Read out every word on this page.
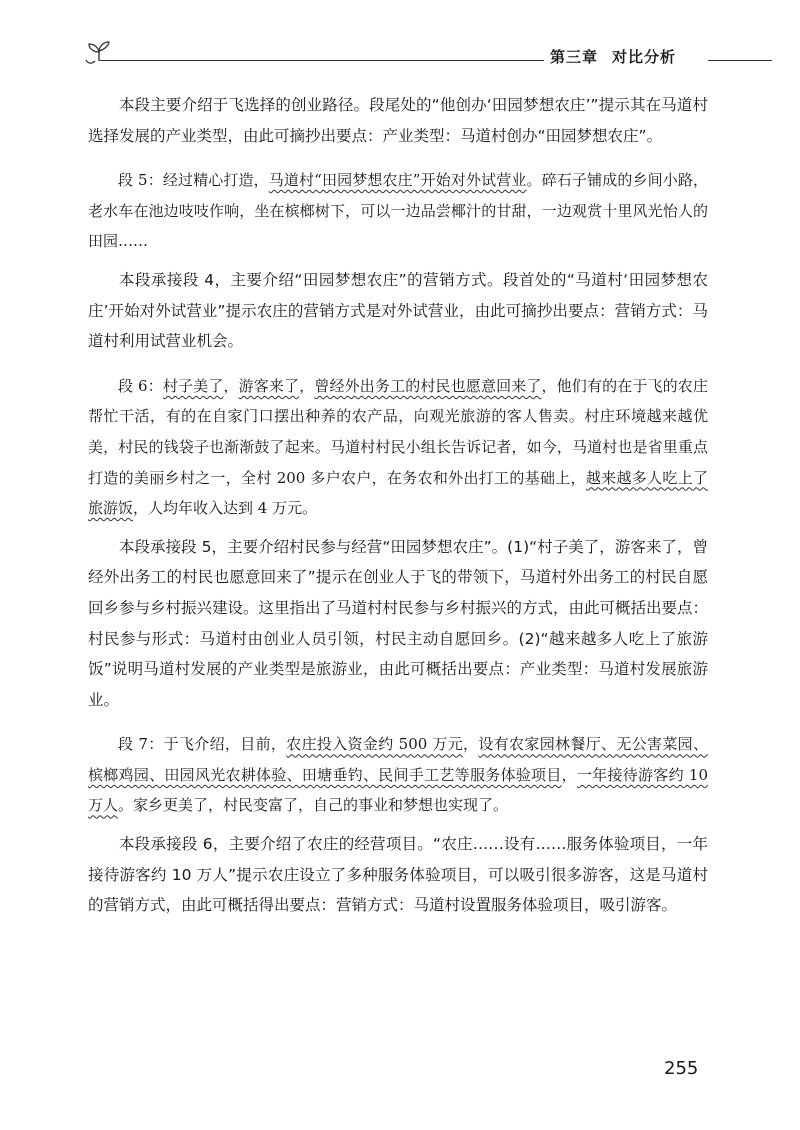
第三章 对比分析

本段主要介绍于飞选择的创业路径。段尾处的“他创办‘田园梦想农庄’”提示其在马道村选择发展的产业类型，由此可摘抄出要点：产业类型：马道村创办“田园梦想农庄”。

段 5：经过精心打造，马道村“田园梦想农庄”开始对外试营业。碎石子铺成的乡间小路，老水车在池边吱吱作响，坐在槟榔树下，可以一边品尝椰汁的甘甜，一边观赏十里风光怡人的田园……

本段承接段 4，主要介绍“田园梦想农庄”的营销方式。段首处的“马道村‘田园梦想农庄’开始对外试营业”提示农庄的营销方式是对外试营业，由此可摘抄出要点：营销方式：马道村利用试营业机会。

段 6：村子美了，游客来了，曾经外出务工的村民也愿意回来了，他们有的在于飞的农庄帮忙干活，有的在自家门口摆出种养的农产品，向观光旅游的客人售卖。村庄环境越来越优美，村民的钱袋子也渐渐鼓了起来。马道村村民小组长告诉记者，如今，马道村也是省里重点打造的美丽乡村之一，全村 200 多户农户，在务农和外出打工的基础上，越来越多人吃上了旅游饭，人均年收入达到 4 万元。

本段承接段 5，主要介绍村民参与经营“田园梦想农庄”。(1)“村子美了，游客来了，曾经外出务工的村民也愿意回来了”提示在创业人于飞的带领下，马道村外出务工的村民自愿回乡参与乡村振兴建设。这里指出了马道村村民参与乡村振兴的方式，由此可概括出要点：村民参与形式：马道村由创业人员引领，村民主动自愿回乡。(2)“越来越多人吃上了旅游饭”说明马道村发展的产业类型是旅游业，由此可概括出要点：产业类型：马道村发展旅游业。

段 7：于飞介绍，目前，农庄投入资金约 500 万元，设有农家园林餐厅、无公害菜园、槟榔鸡园、田园风光农耕体验、田塘垂钓、民间手工艺等服务体验项目，一年接待游客约 10 万人。家乡更美了，村民变富了，自己的事业和梦想也实现了。

本段承接段 6，主要介绍了农庄的经营项目。“农庄……设有……服务体验项目，一年接待游客约 10 万人”提示农庄设立了多种服务体验项目，可以吸引很多游客，这是马道村的营销方式，由此可概括得出要点：营销方式：马道村设置服务体验项目，吸引游客。

255
